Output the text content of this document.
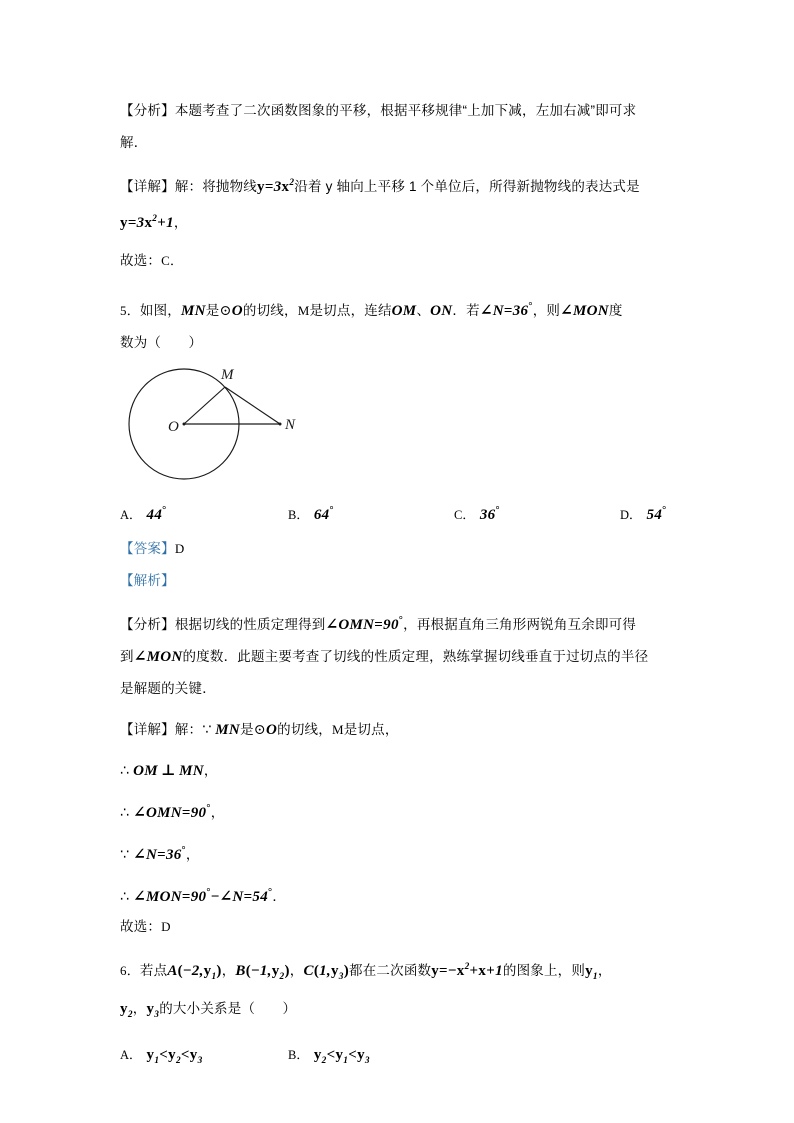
【分析】本题考查了二次函数图象的平移，根据平移规律“上加下减，左加右减”即可求

解．

【详解】解：将抛物线$y=3x^2$沿着 y 轴向上平移 1 个单位后，所得新抛物线的表达式是

$y=3x^2+1$，

故选：C．

5．如图，MN是⊙O的切线，M是切点，连结OM、ON．若∠N=36°，则∠MON度

数为（　　）

O
M
N
A． 44°	B． 64°	C． 36°	D． 54°

【答案】D

【解析】

【分析】根据切线的性质定理得到∠OMN=90°，再根据直角三角形两锐角互余即可得

到∠MON的度数．此题主要考查了切线的性质定理，熟练掌握切线垂直于过切点的半径

是解题的关键．

【详解】解：∵ MN是⊙O的切线，M是切点，

∴ OM ⊥ MN，

∴ ∠OMN=90°，

∵ ∠N=36°，

∴ ∠MON=90°−∠N=54°．

故选：D

6．若点$A(-2,y_1)$，$B(-1,y_2)$，$C(1,y_3)$都在二次函数$y=-x^2+x+1$的图象上，则$y_1$，

$y_2$，$y_3$的大小关系是（　　）

A． $y_1<y_2<y_3$	B． $y_2<y_1<y_3$
